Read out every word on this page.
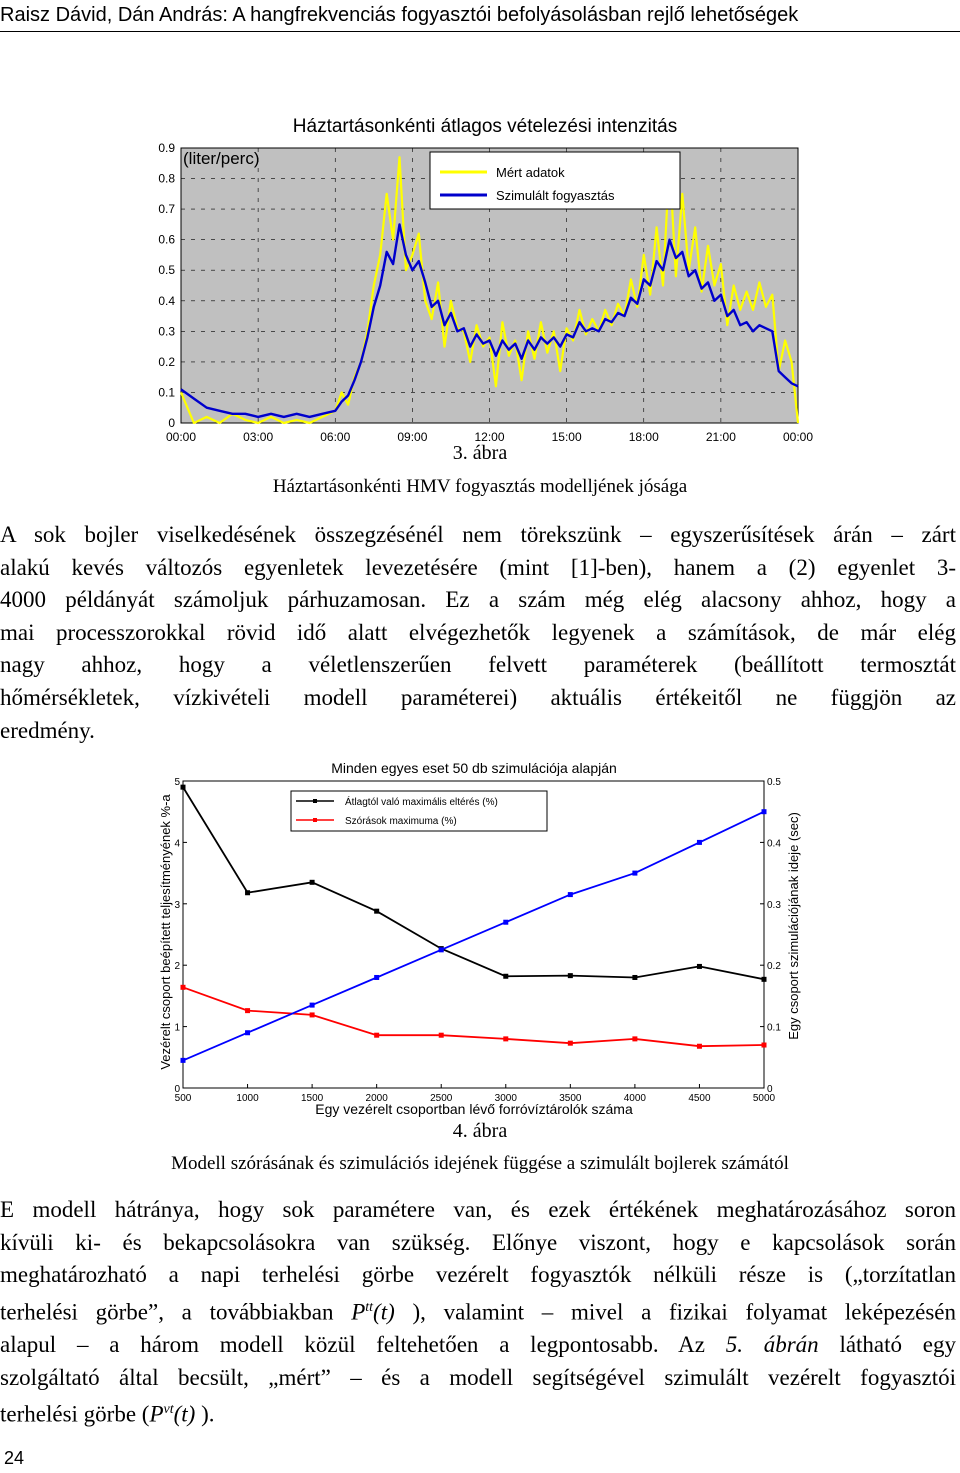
Raisz Dávid, Dán András: A hangfrekvenciás fogyasztói befolyásolásban rejlő lehetőségek
00:00	03:00	06:00	09:00	12:00	15:00	18:00	21:00	00:00
0
0.1
0.2
0.3
0.4
0.5
0.6
0.7
0.8
0.9
Háztartásonkénti átlagos vételezési intenzitás
(liter/perc)
Mért adatok
Szimulált fogyasztás
3. ábra
Háztartásonkénti HMV fogyasztás modelljének jósága
A sok bojler viselkedésének összegzésénél nem törekszünk – egyszerűsítések árán – zárt
alakú kevés változós egyenletek levezetésére (mint [1]-ben), hanem a (2) egyenlet 3-
4000 példányát számoljuk párhuzamosan. Ez a szám még elég alacsony ahhoz, hogy a
mai processzorokkal rövid idő alatt elvégezhetők legyenek a számítások, de már elég
nagy ahhoz, hogy a véletlenszerűen felvett paraméterek (beállított termosztát
hőmérsékletek, vízkivételi modell paraméterei) aktuális értékeitől ne függjön az
eredmény.
500	1000	1500	2000	2500	3000	3500	4000	4500	5000
0
1
2
3
4
5
0
0.1
0.2
0.3
0.4
0.5
Minden egyes eset 50 db szimulációja alapján
Egy vezérelt csoportban lévő forróvíztárolók száma
Vezérelt csoport beépített teljesítményének %-a	Egy csoport szimulációjának ideje (sec)
Átlagtól való maximális eltérés (%)
Szórások maximuma (%)
4. ábra
Modell szórásának és szimulációs idejének függése a szimulált bojlerek számától
E modell hátránya, hogy sok paramétere van, és ezek értékének meghatározásához soron
kívüli ki- és bekapcsolásokra van szükség. Előnye viszont, hogy e kapcsolások során
meghatározható a napi terhelési görbe vezérelt fogyasztók nélküli része is („torzítatlan
terhelési görbe”, a továbbiakban $P^{tt}(t)$ ), valamint – mivel a fizikai folyamat leképezésén
alapul – a három modell közül feltehetően a legpontosabb. Az 5. ábrán látható egy
szolgáltató által becsült, „mért” – és a modell segítségével szimulált vezérelt fogyasztói
terhelési görbe ($P^{vt}(t)$ ).
24
